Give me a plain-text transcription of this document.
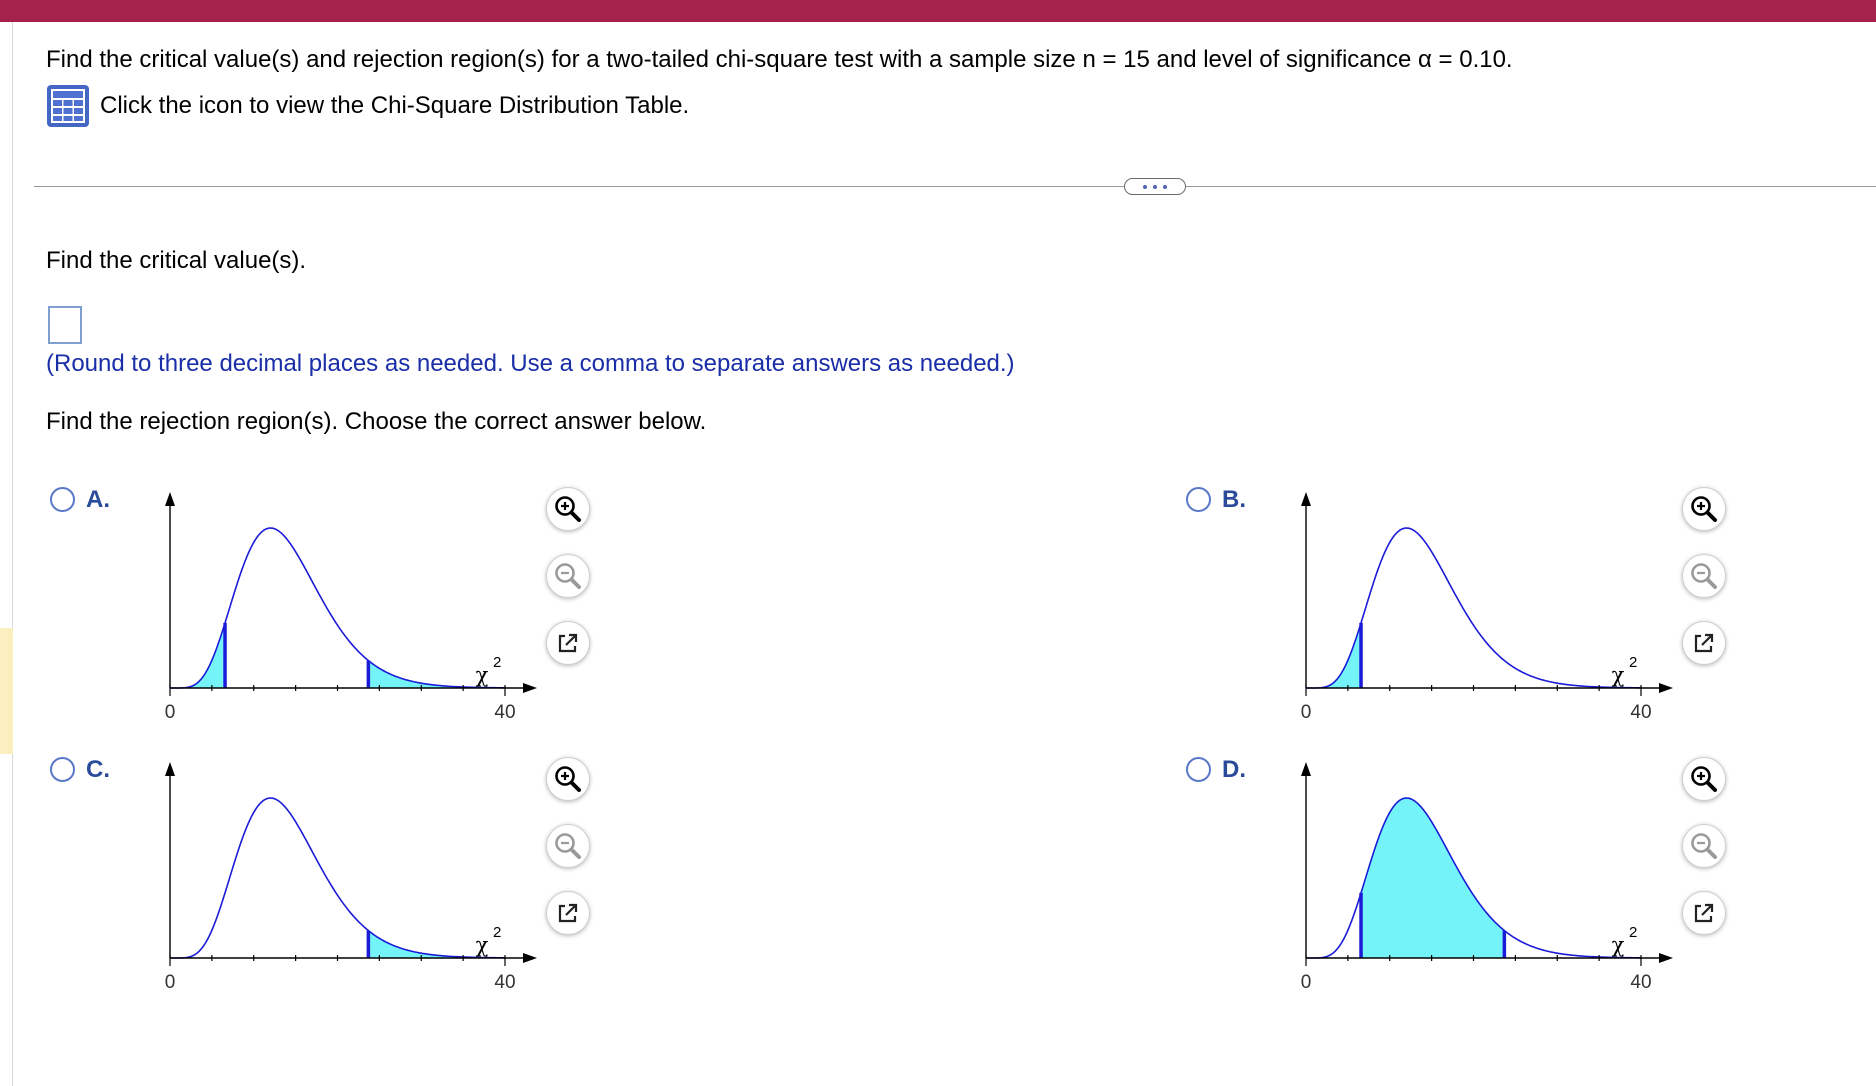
Find the critical value(s) and rejection region(s) for a two-tailed chi-square test with a sample size n = 15 and level of significance α = 0.10.
Click the icon to view the Chi-Square Distribution Table.
Find the critical value(s).
(Round to three decimal places as needed. Use a comma to separate answers as needed.)
Find the rejection region(s). Choose the correct answer below.
A.	B.
C.	D.
0	40
χ
2
0	40
χ
2
0	40
χ
2
0	40
χ
2
